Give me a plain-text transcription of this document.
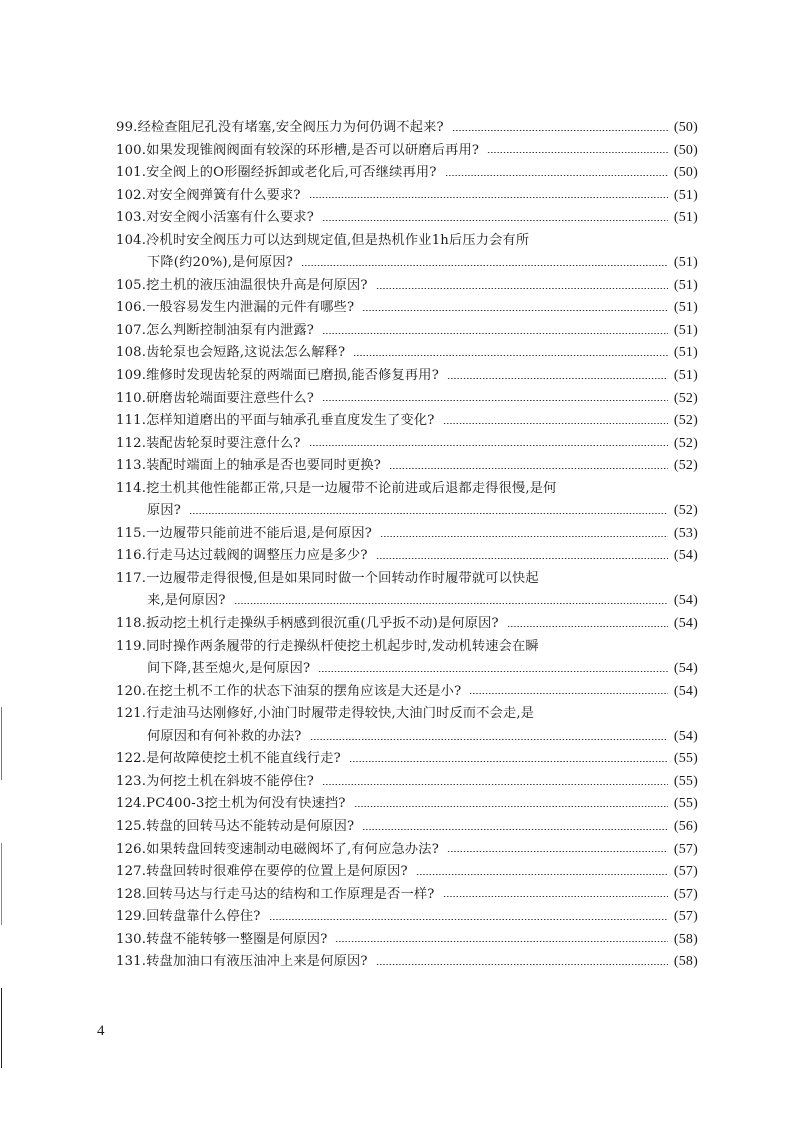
99.经检查阻尼孔没有堵塞,安全阀压力为何仍调不起来?	(50)
100.如果发现锥阀阀面有较深的环形槽,是否可以研磨后再用?	(50)
101.安全阀上的O形圈经拆卸或老化后,可否继续再用?	(50)
102.对安全阀弹簧有什么要求?	(51)
103.对安全阀小活塞有什么要求?	(51)
104.冷机时安全阀压力可以达到规定值,但是热机作业1h后压力会有所
下降(约20%),是何原因?	(51)
105.挖土机的液压油温很快升高是何原因?	(51)
106.一般容易发生内泄漏的元件有哪些?	(51)
107.怎么判断控制油泵有内泄露?	(51)
108.齿轮泵也会短路,这说法怎么解释?	(51)
109.维修时发现齿轮泵的两端面已磨损,能否修复再用?	(51)
110.研磨齿轮端面要注意些什么?	(52)
111.怎样知道磨出的平面与轴承孔垂直度发生了变化?	(52)
112.装配齿轮泵时要注意什么?	(52)
113.装配时端面上的轴承是否也要同时更换?	(52)
114.挖土机其他性能都正常,只是一边履带不论前进或后退都走得很慢,是何
原因?	(52)
115.一边履带只能前进不能后退,是何原因?	(53)
116.行走马达过载阀的调整压力应是多少?	(54)
117.一边履带走得很慢,但是如果同时做一个回转动作时履带就可以快起
来,是何原因?	(54)
118.扳动挖土机行走操纵手柄感到很沉重(几乎扳不动)是何原因?	(54)
119.同时操作两条履带的行走操纵杆使挖土机起步时,发动机转速会在瞬
间下降,甚至熄火,是何原因?	(54)
120.在挖土机不工作的状态下油泵的摆角应该是大还是小?	(54)
121.行走油马达刚修好,小油门时履带走得较快,大油门时反而不会走,是
何原因和有何补救的办法?	(54)
122.是何故障使挖土机不能直线行走?	(55)
123.为何挖土机在斜坡不能停住?	(55)
124.PC400-3挖土机为何没有快速挡?	(55)
125.转盘的回转马达不能转动是何原因?	(56)
126.如果转盘回转变速制动电磁阀坏了,有何应急办法?	(57)
127.转盘回转时很难停在要停的位置上是何原因?	(57)
128.回转马达与行走马达的结构和工作原理是否一样?	(57)
129.回转盘靠什么停住?	(57)
130.转盘不能转够一整圈是何原因?	(58)
131.转盘加油口有液压油冲上来是何原因?	(58)
4
